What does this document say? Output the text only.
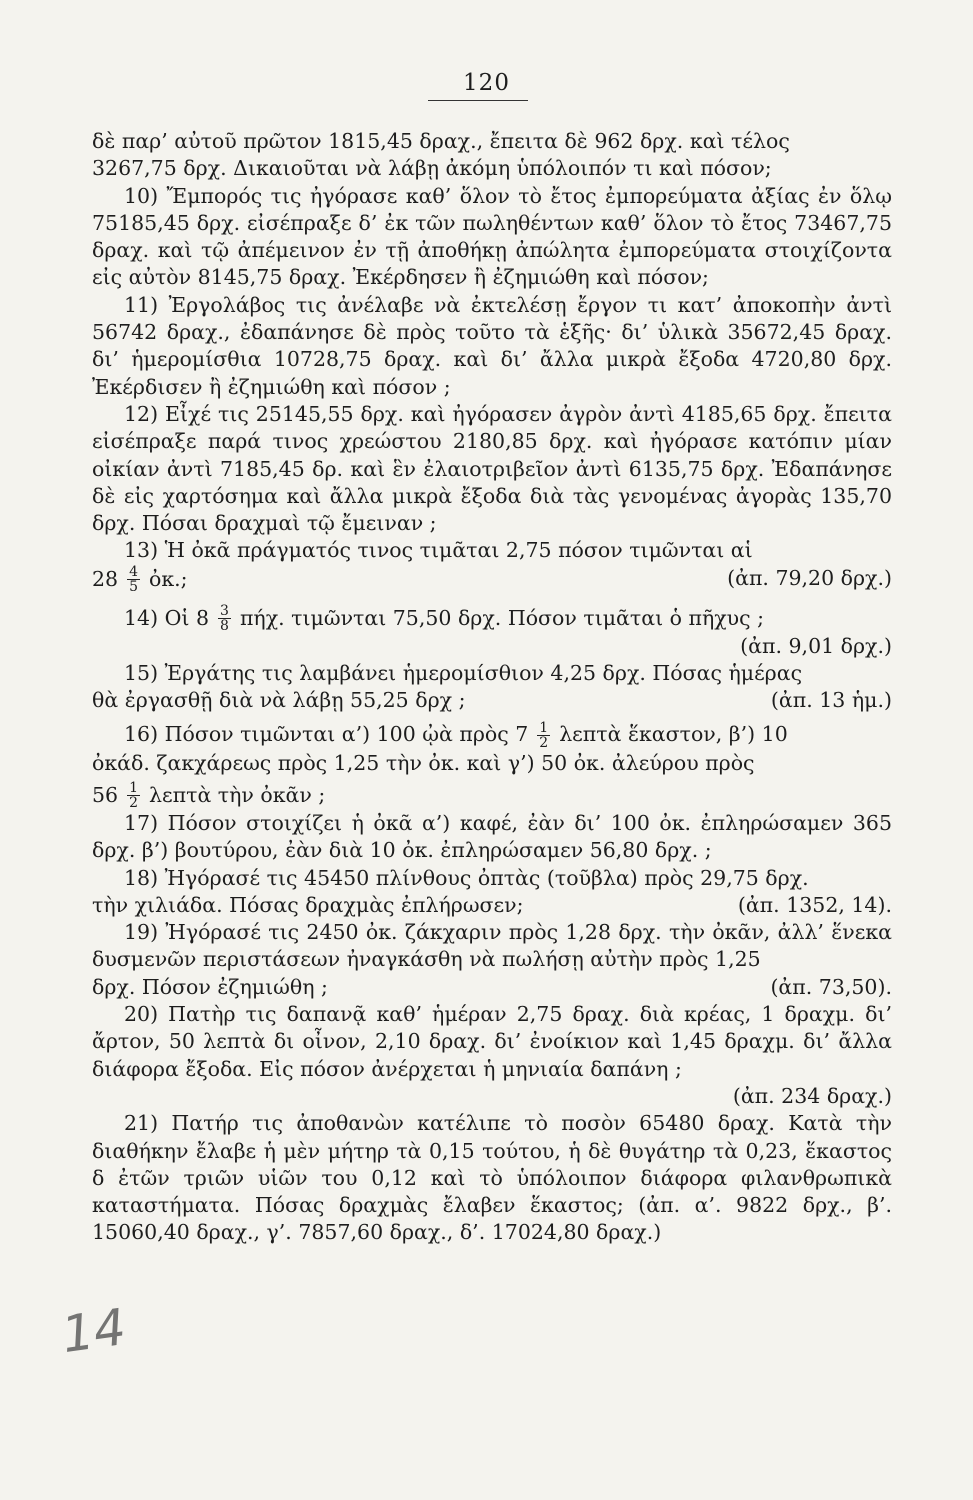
120
14

δὲ παρ’ αὐτοῦ πρῶτον 1815,45 δραχ., ἔπειτα δὲ 962 δρχ. καὶ τέλος

3267,75 δρχ. Δικαιοῦται νὰ λάβῃ ἀκόμη ὑπόλοιπόν τι καὶ πόσον;

10) Ἔμπορός τις ἠγόρασε καθ’ ὅλον τὸ ἔτος ἐμπορεύματα ἀξίας ἐν ὅλῳ 75185,45 δρχ. εἰσέπραξε δ’ ἐκ τῶν πωληθέντων καθ’ ὅλον τὸ ἔτος 73467,75 δραχ. καὶ τῷ ἀπέμεινον ἐν τῇ ἀποθήκῃ ἀπώλητα ἐμπορεύματα στοιχίζοντα εἰς αὐτὸν 8145,75 δραχ. Ἐκέρδησεν ἢ ἐζημιώθη καὶ πόσον;

11) Ἐργολάβος τις ἀνέλαβε νὰ ἐκτελέσῃ ἔργον τι κατ’ ἀποκοπὴν ἀντὶ 56742 δραχ., ἐδαπάνησε δὲ πρὸς τοῦτο τὰ ἑξῆς· δι’ ὑλικὰ 35672,45 δραχ. δι’ ἡμερομίσθια 10728,75 δραχ. καὶ δι’ ἄλλα μικρὰ ἔξοδα 4720,80 δρχ. Ἐκέρδισεν ἢ ἐζημιώθη καὶ πόσον ;

12) Εἶχέ τις 25145,55 δρχ. καὶ ἠγόρασεν ἀγρὸν ἀντὶ 4185,65 δρχ. ἔπειτα εἰσέπραξε παρά τινος χρεώστου 2180,85 δρχ. καὶ ἠγόρασε κατόπιν μίαν οἰκίαν ἀντὶ 7185,45 δρ. καὶ ἓν ἐλαιοτριβεῖον ἀντὶ 6135,75 δρχ. Ἐδαπάνησε δὲ εἰς χαρτόσημα καὶ ἄλλα μικρὰ ἔξοδα διὰ τὰς γενομένας ἀγορὰς 135,70 δρχ. Πόσαι δραχμαὶ τῷ ἔμειναν ;

13) Ἡ ὀκᾶ πράγματός τινος τιμᾶται 2,75 πόσον τιμῶνται αἱ

$28 \frac{4}{5}$ ὀκ.;	(ἀπ. 79,20 δρχ.)
14) Οἱ $8 \frac{3}{8} \pi ή\chi$. τιμῶνται 75,50 δρχ. Πόσον τιμᾶται ὁ πῆχυς ;
(ἀπ. 9,01 δρχ.)

15) Ἐργάτης τις λαμβάνει ἡμερομίσθιον 4,25 δρχ. Πόσας ἡμέρας

θὰ ἐργασθῇ διὰ νὰ λάβῃ 55,25 δρχ ;	(ἀπ. 13 ἡμ.)
16) Πόσον τιμῶνται α’) 100 ᾠὰ πρὸς $7 \frac{1}{2}$ λεπτὰ ἕκαστον, β’) 10

ὀκάδ. ζακχάρεως πρὸς 1,25 τὴν ὀκ. καὶ γ’) 50 ὀκ. ἀλεύρου πρὸς

$56 \frac{1}{2}$ λεπτὰ τὴν ὀκᾶν ;

17) Πόσον στοιχίζει ἡ ὀκᾶ α’) καφέ, ἐὰν δι’ 100 ὀκ. ἐπληρώσαμεν 365 δρχ. β’) βουτύρου, ἐὰν διὰ 10 ὀκ. ἐπληρώσαμεν 56,80 δρχ. ;

18) Ἠγόρασέ τις 45450 πλίνθους ὀπτὰς (τοῦβλα) πρὸς 29,75 δρχ.

τὴν χιλιάδα. Πόσας δραχμὰς ἐπλήρωσεν;	(ἀπ. 1352, 14).

19) Ἠγόρασέ τις 2450 ὀκ. ζάκχαριν πρὸς 1,28 δρχ. τὴν ὀκᾶν, ἀλλ’ ἕνεκα δυσμενῶν περιστάσεων ἠναγκάσθη νὰ πωλήσῃ αὐτὴν πρὸς 1,25

δρχ. Πόσον ἐζημιώθη ;	(ἀπ. 73,50).

20) Πατὴρ τις δαπανᾷ καθ’ ἡμέραν 2,75 δραχ. διὰ κρέας, 1 δραχμ. δι’ ἄρτον, 50 λεπτὰ δι οἶνον, 2,10 δραχ. δι’ ἐνοίκιον καὶ 1,45 δραχμ. δι’ ἄλλα διάφορα ἔξοδα. Εἰς πόσον ἀνέρχεται ἡ μηνιαία δαπάνη ;

(ἀπ. 234 δραχ.)

21) Πατήρ τις ἀποθανὼν κατέλιπε τὸ ποσὸν 65480 δραχ. Κατὰ τὴν διαθήκην ἔλαβε ἡ μὲν μήτηρ τὰ 0,15 τούτου, ἡ δὲ θυγάτηρ τὰ 0,23, ἕκαστος δ ἐτῶν τριῶν υἱῶν του 0,12 καὶ τὸ ὑπόλοιπον διάφορα φιλανθρωπικὰ καταστήματα. Πόσας δραχμὰς ἔλαβεν ἕκαστος; (ἀπ. α’. 9822 δρχ., β’. 15060,40 δραχ., γ’. 7857,60 δραχ., δ’. 17024,80 δραχ.)
